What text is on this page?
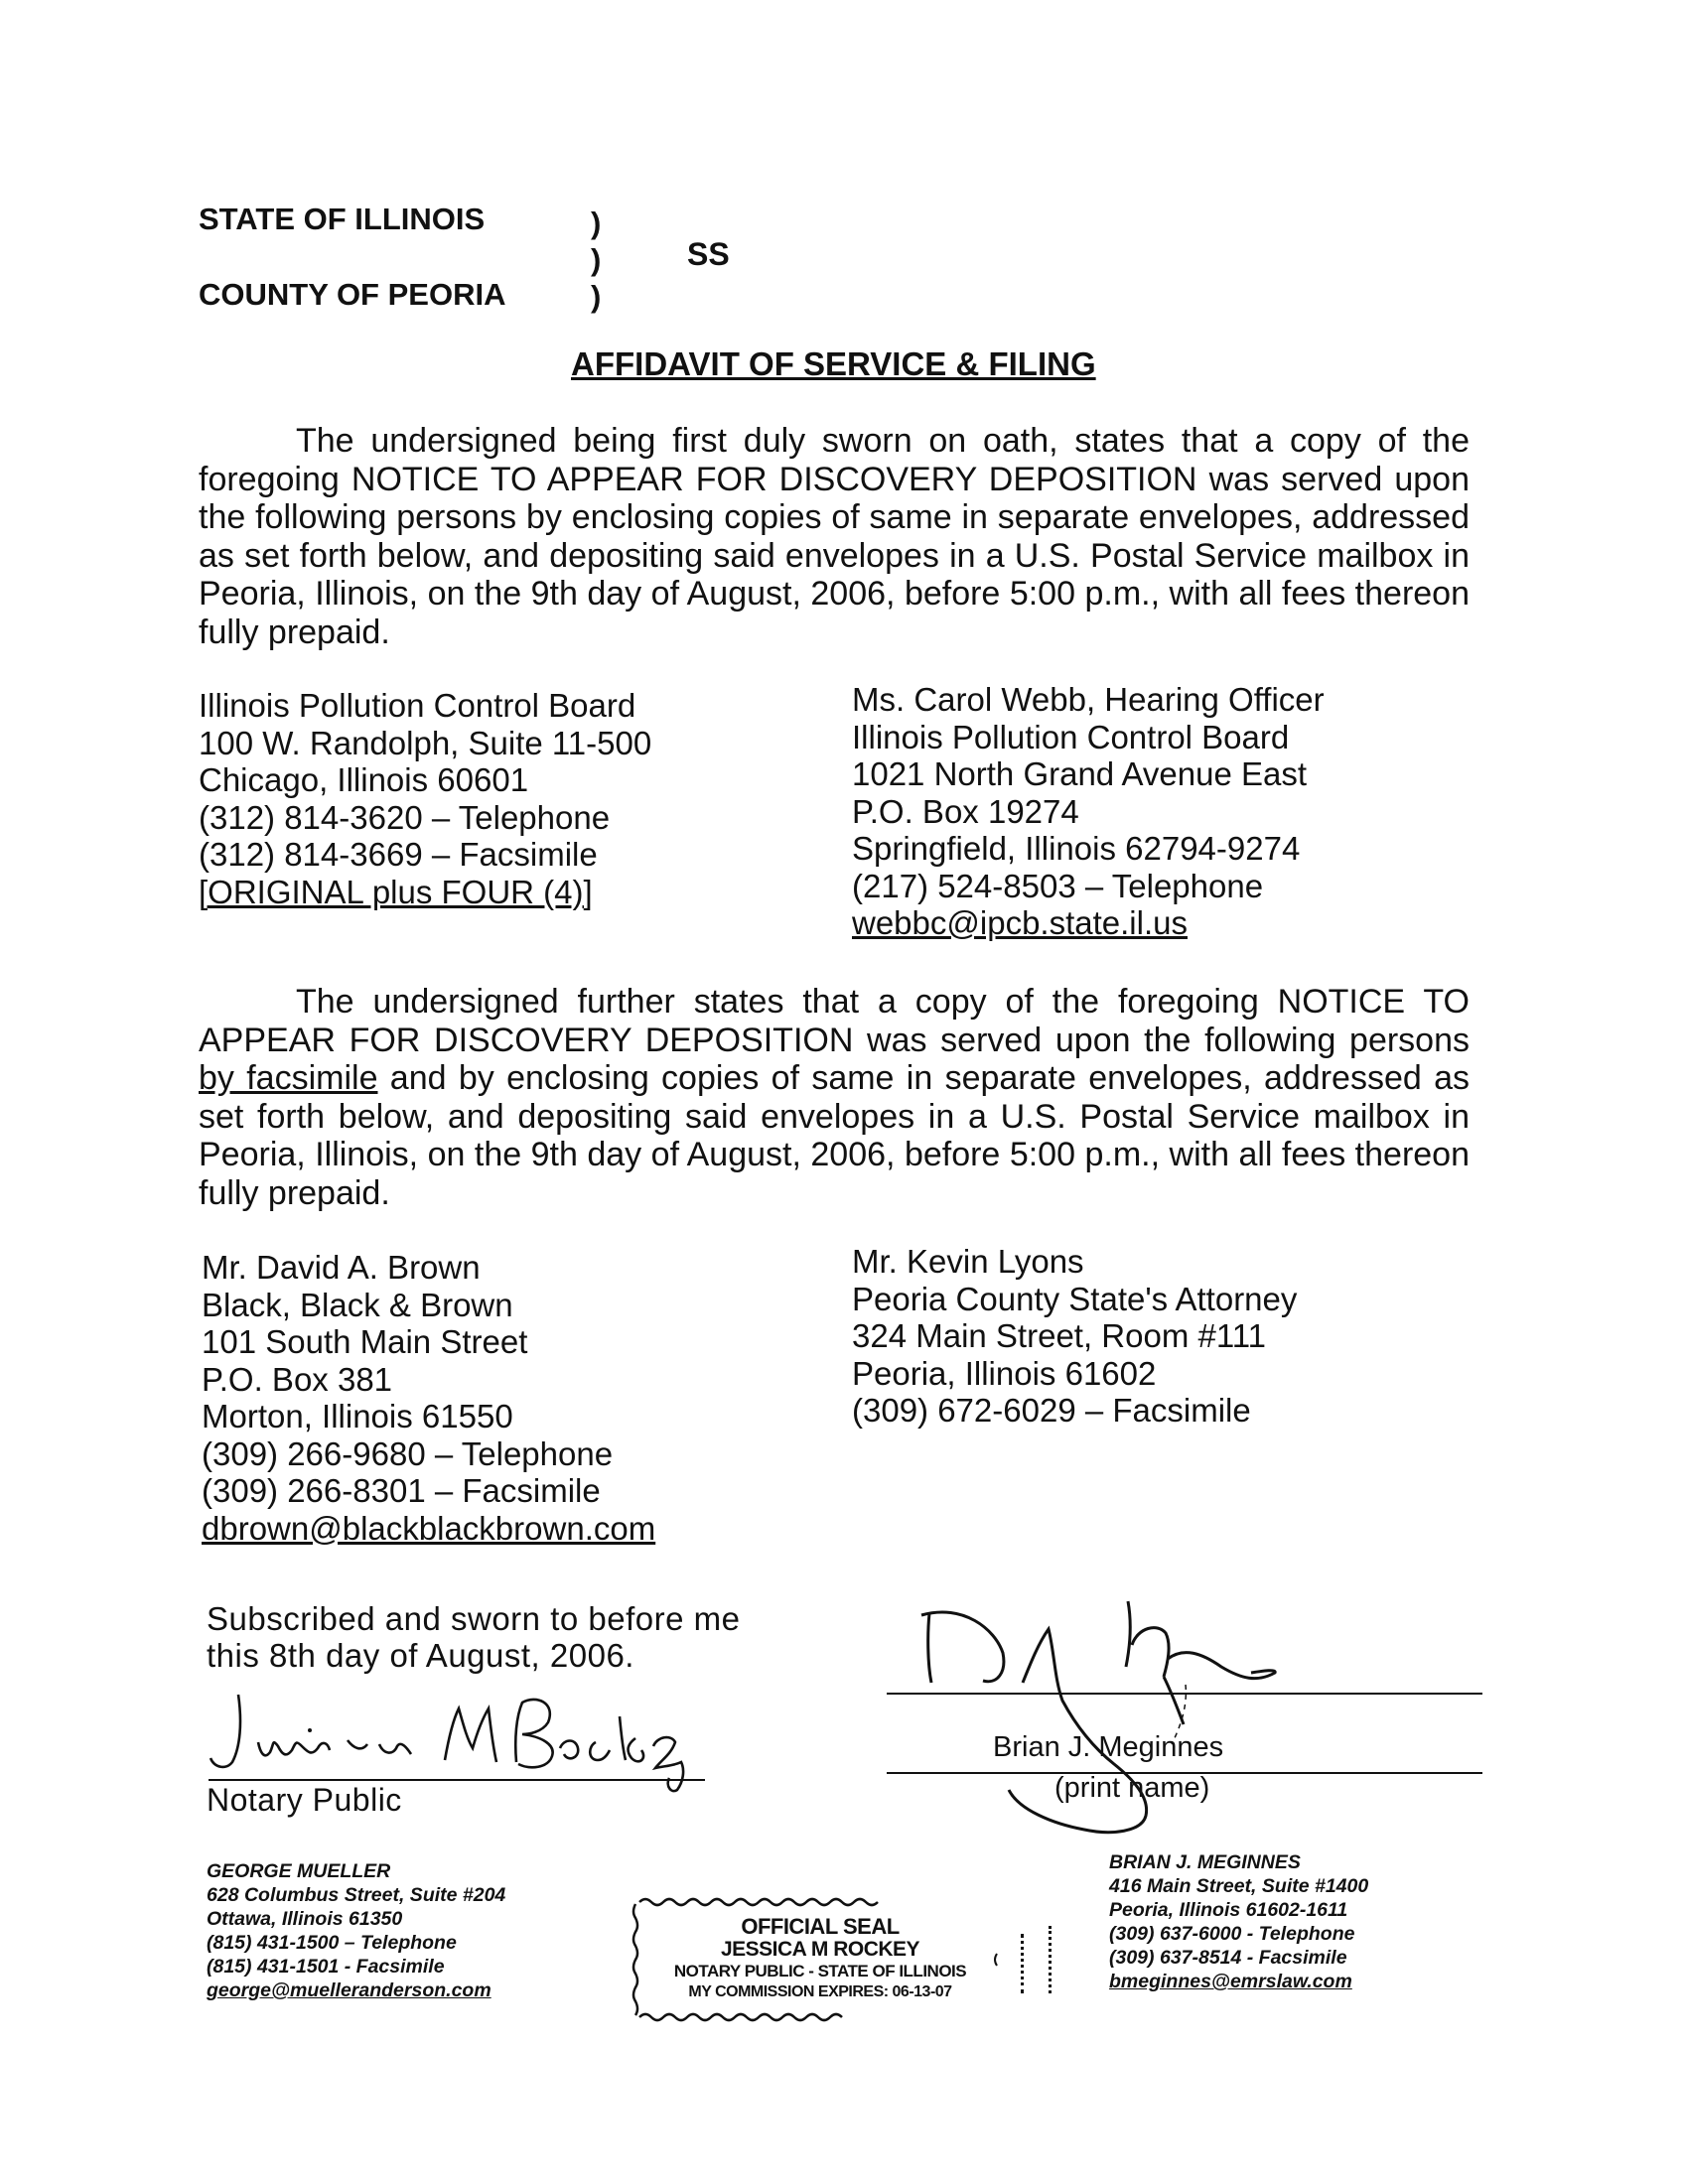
STATE OF ILLINOIS
COUNTY OF PEORIA
)
)
)
SS
AFFIDAVIT OF SERVICE & FILING
The undersigned being first duly sworn on oath, states that a copy of the foregoing NOTICE TO APPEAR FOR DISCOVERY DEPOSITION was served upon the following persons by enclosing copies of same in separate envelopes, addressed as set forth below, and depositing said envelopes in a U.S. Postal Service mailbox in Peoria, Illinois, on the 9th day of August, 2006, before 5:00 p.m., with all fees thereon fully prepaid.
Illinois Pollution Control Board
100 W. Randolph, Suite 11-500
Chicago, Illinois 60601
(312) 814-3620 – Telephone
(312) 814-3669 – Facsimile
[ORIGINAL plus FOUR (4)]
Ms. Carol Webb, Hearing Officer
Illinois Pollution Control Board
1021 North Grand Avenue East
P.O. Box 19274
Springfield, Illinois 62794-9274
(217) 524-8503 – Telephone
webbc@ipcb.state.il.us
The undersigned further states that a copy of the foregoing NOTICE TO APPEAR FOR DISCOVERY DEPOSITION was served upon the following persons by facsimile and by enclosing copies of same in separate envelopes, addressed as set forth below, and depositing said envelopes in a U.S. Postal Service mailbox in Peoria, Illinois, on the 9th day of August, 2006, before 5:00 p.m., with all fees thereon fully prepaid.
Mr. David A. Brown
Black, Black & Brown
101 South Main Street
P.O. Box 381
Morton, Illinois 61550
(309) 266-9680 – Telephone
(309) 266-8301 – Facsimile
dbrown@blackblackbrown.com
Mr. Kevin Lyons
Peoria County State's Attorney
324 Main Street, Room #111
Peoria, Illinois 61602
(309) 672-6029 – Facsimile
Subscribed and sworn to before me
this 8th day of August, 2006.
Notary Public
Brian J. Meginnes
(print name)
GEORGE MUELLER
628 Columbus Street, Suite #204
Ottawa, Illinois 61350
(815) 431-1500 – Telephone
(815) 431-1501 - Facsimile
george@muelleranderson.com
BRIAN J. MEGINNES
416 Main Street, Suite #1400
Peoria, Illinois 61602-1611
(309) 637-6000 - Telephone
(309) 637-8514 - Facsimile
bmeginnes@emrslaw.com
OFFICIAL SEAL
JESSICA M ROCKEY
NOTARY PUBLIC - STATE OF ILLINOIS
MY COMMISSION EXPIRES: 06-13-07
